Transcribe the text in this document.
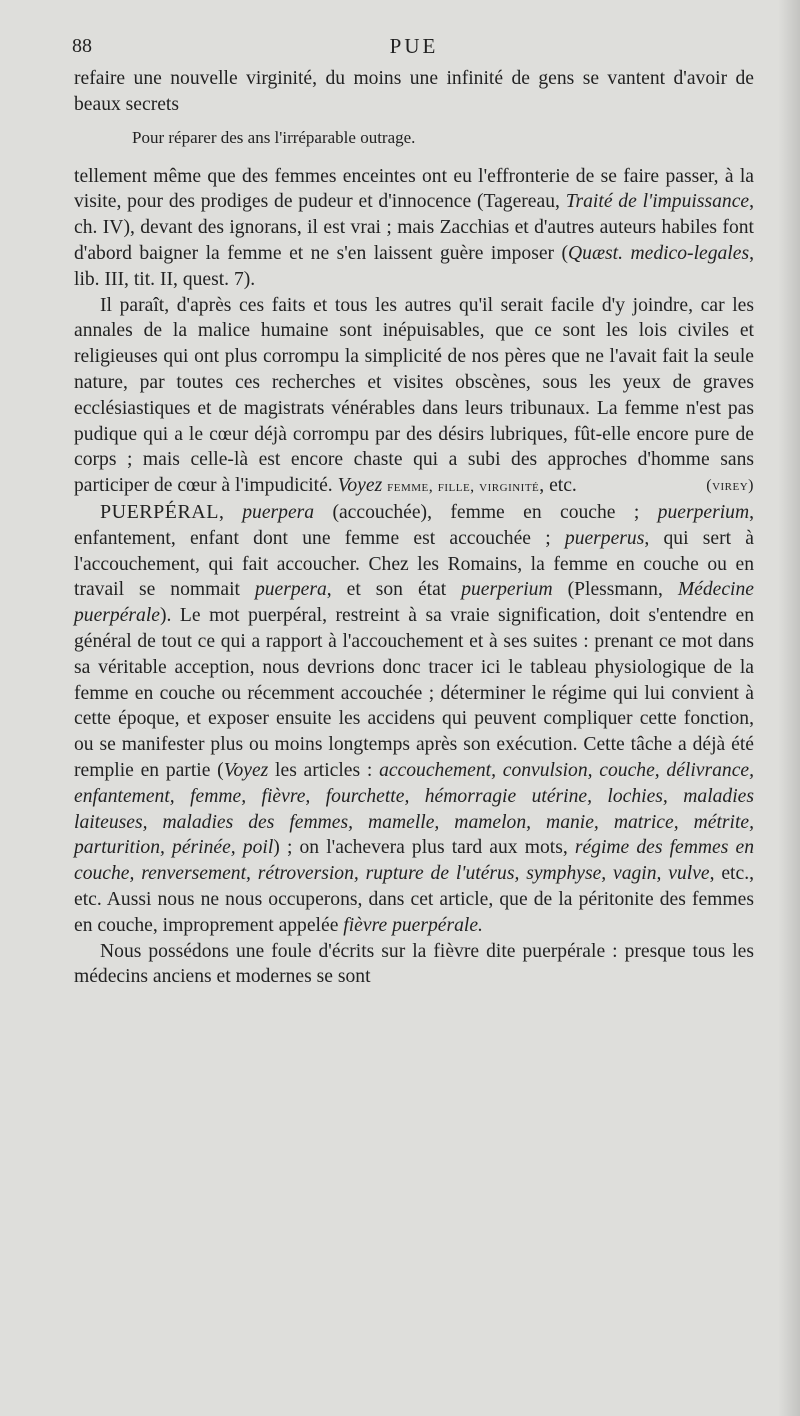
88	PUE

refaire une nouvelle virginité, du moins une infinité de gens se vantent d'avoir de beaux secrets

Pour réparer des ans l'irréparable outrage.

tellement même que des femmes enceintes ont eu l'effronterie de se faire passer, à la visite, pour des prodiges de pudeur et d'innocence (Tagereau, Traité de l'impuissance, ch. IV), devant des ignorans, il est vrai ; mais Zacchias et d'autres auteurs habiles font d'abord baigner la femme et ne s'en laissent guère imposer (Quæst. medico-legales, lib. III, tit. II, quest. 7).

Il paraît, d'après ces faits et tous les autres qu'il serait facile d'y joindre, car les annales de la malice humaine sont inépuisables, que ce sont les lois civiles et religieuses qui ont plus corrompu la simplicité de nos pères que ne l'avait fait la seule nature, par toutes ces recherches et visites obscènes, sous les yeux de graves ecclésiastiques et de magistrats vénérables dans leurs tribunaux. La femme n'est pas pudique qui a le cœur déjà corrompu par des désirs lubriques, fût-elle encore pure de corps ; mais celle-là est encore chaste qui a subi des approches d'homme sans participer de cœur à l'impudicité. Voyez femme, fille, virginité, etc.	(virey)

PUERPÉRAL, puerpera (accouchée), femme en couche ; puerperium, enfantement, enfant dont une femme est accouchée ; puerperus, qui sert à l'accouchement, qui fait accoucher. Chez les Romains, la femme en couche ou en travail se nommait puerpera, et son état puerperium (Plessmann, Médecine puerpérale). Le mot puerpéral, restreint à sa vraie signification, doit s'entendre en général de tout ce qui a rapport à l'accouchement et à ses suites : prenant ce mot dans sa véritable acception, nous devrions donc tracer ici le tableau physiologique de la femme en couche ou récemment accouchée ; déterminer le régime qui lui convient à cette époque, et exposer ensuite les accidens qui peuvent compliquer cette fonction, ou se manifester plus ou moins longtemps après son exécution. Cette tâche a déjà été remplie en partie (Voyez les articles : accouchement, convulsion, couche, délivrance, enfantement, femme, fièvre, fourchette, hémorragie utérine, lochies, maladies laiteuses, maladies des femmes, mamelle, mamelon, manie, matrice, métrite, parturition, périnée, poil) ; on l'achevera plus tard aux mots, régime des femmes en couche, renversement, rétroversion, rupture de l'utérus, symphyse, vagin, vulve, etc., etc. Aussi nous ne nous occuperons, dans cet article, que de la péritonite des femmes en couche, improprement appelée fièvre puerpérale.

Nous possédons une foule d'écrits sur la fièvre dite puerpérale : presque tous les médecins anciens et modernes se sont
